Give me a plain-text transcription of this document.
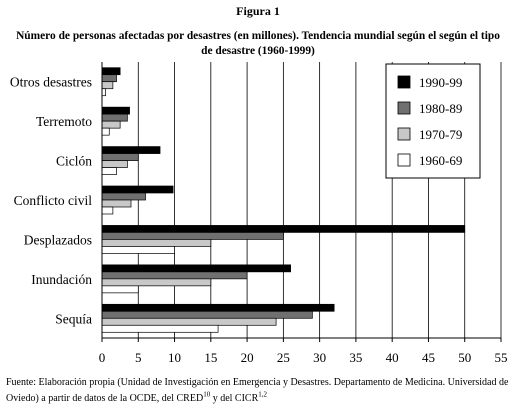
Figura 1
Número de personas afectadas por desastres (en millones). Tendencia mundial según el según el tipo
de desastre (1960-1999)
Otros desastres
Terremoto
Ciclón
Conflicto civil
Desplazados
Inundación
Sequía
0 5 10 15 20 25 30 35 40 45 50 55
1990-99
1980-89
1970-79
1960-69
Fuente: Elaboración propia (Unidad de Investigación en Emergencia y Desastres. Departamento de Medicina. Universidad de
Oviedo) a partir de datos de la OCDE, del CRED$^{10}$ y del CICR$^{1,2}$
